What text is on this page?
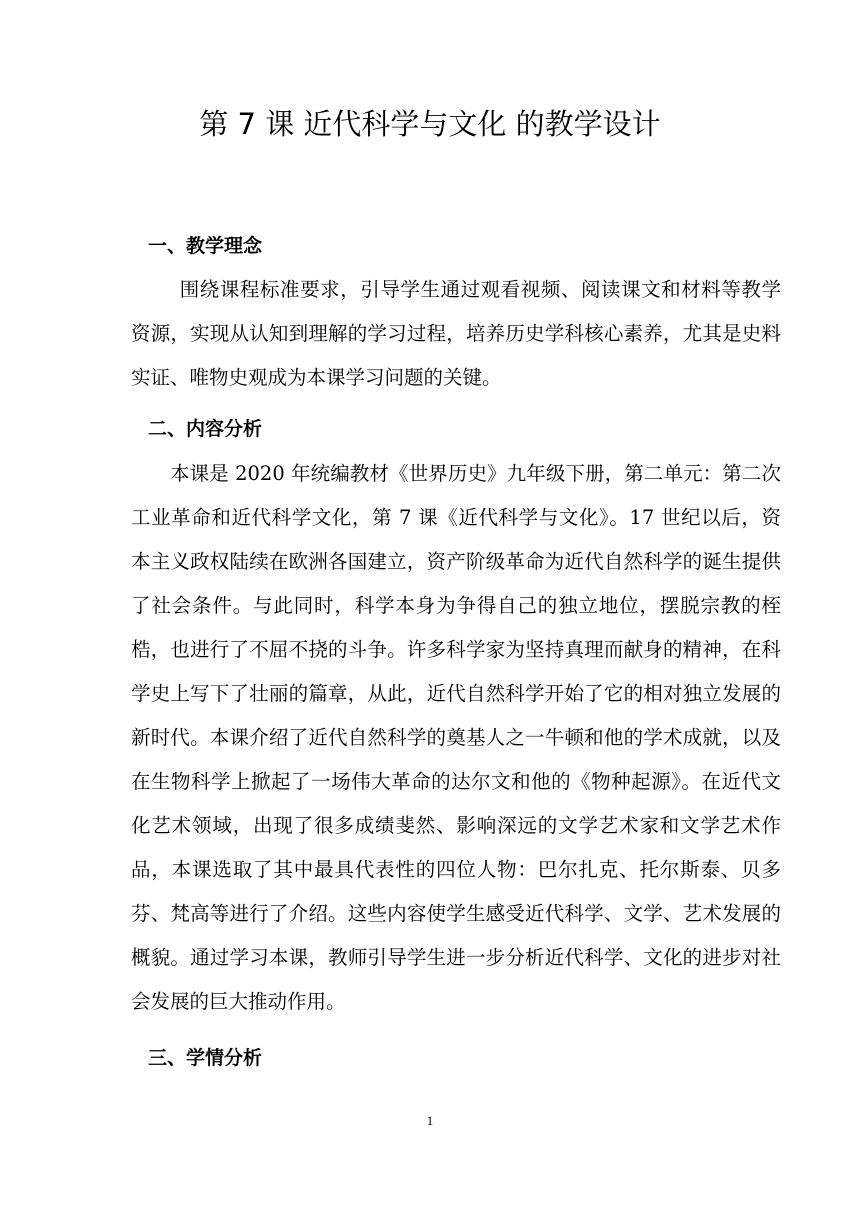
第 7 课 近代科学与文化 的教学设计
一、教学理念

围绕课程标准要求，引导学生通过观看视频、阅读课文和材料等教学资源，实现从认知到理解的学习过程，培养历史学科核心素养，尤其是史料实证、唯物史观成为本课学习问题的关键。

二、内容分析

本课是 2020 年统编教材《世界历史》九年级下册，第二单元：第二次工业革命和近代科学文化，第 7 课《近代科学与文化》。17 世纪以后，资本主义政权陆续在欧洲各国建立，资产阶级革命为近代自然科学的诞生提供了社会条件。与此同时，科学本身为争得自己的独立地位，摆脱宗教的桎梏，也进行了不屈不挠的斗争。许多科学家为坚持真理而献身的精神，在科学史上写下了壮丽的篇章，从此，近代自然科学开始了它的相对独立发展的新时代。本课介绍了近代自然科学的奠基人之一牛顿和他的学术成就，以及在生物科学上掀起了一场伟大革命的达尔文和他的《物种起源》。在近代文化艺术领域，出现了很多成绩斐然、影响深远的文学艺术家和文学艺术作品，本课选取了其中最具代表性的四位人物：巴尔扎克、托尔斯泰、贝多芬、梵高等进行了介绍。这些内容使学生感受近代科学、文学、艺术发展的概貌。通过学习本课，教师引导学生进一步分析近代科学、文化的进步对社会发展的巨大推动作用。

三、学情分析
1
